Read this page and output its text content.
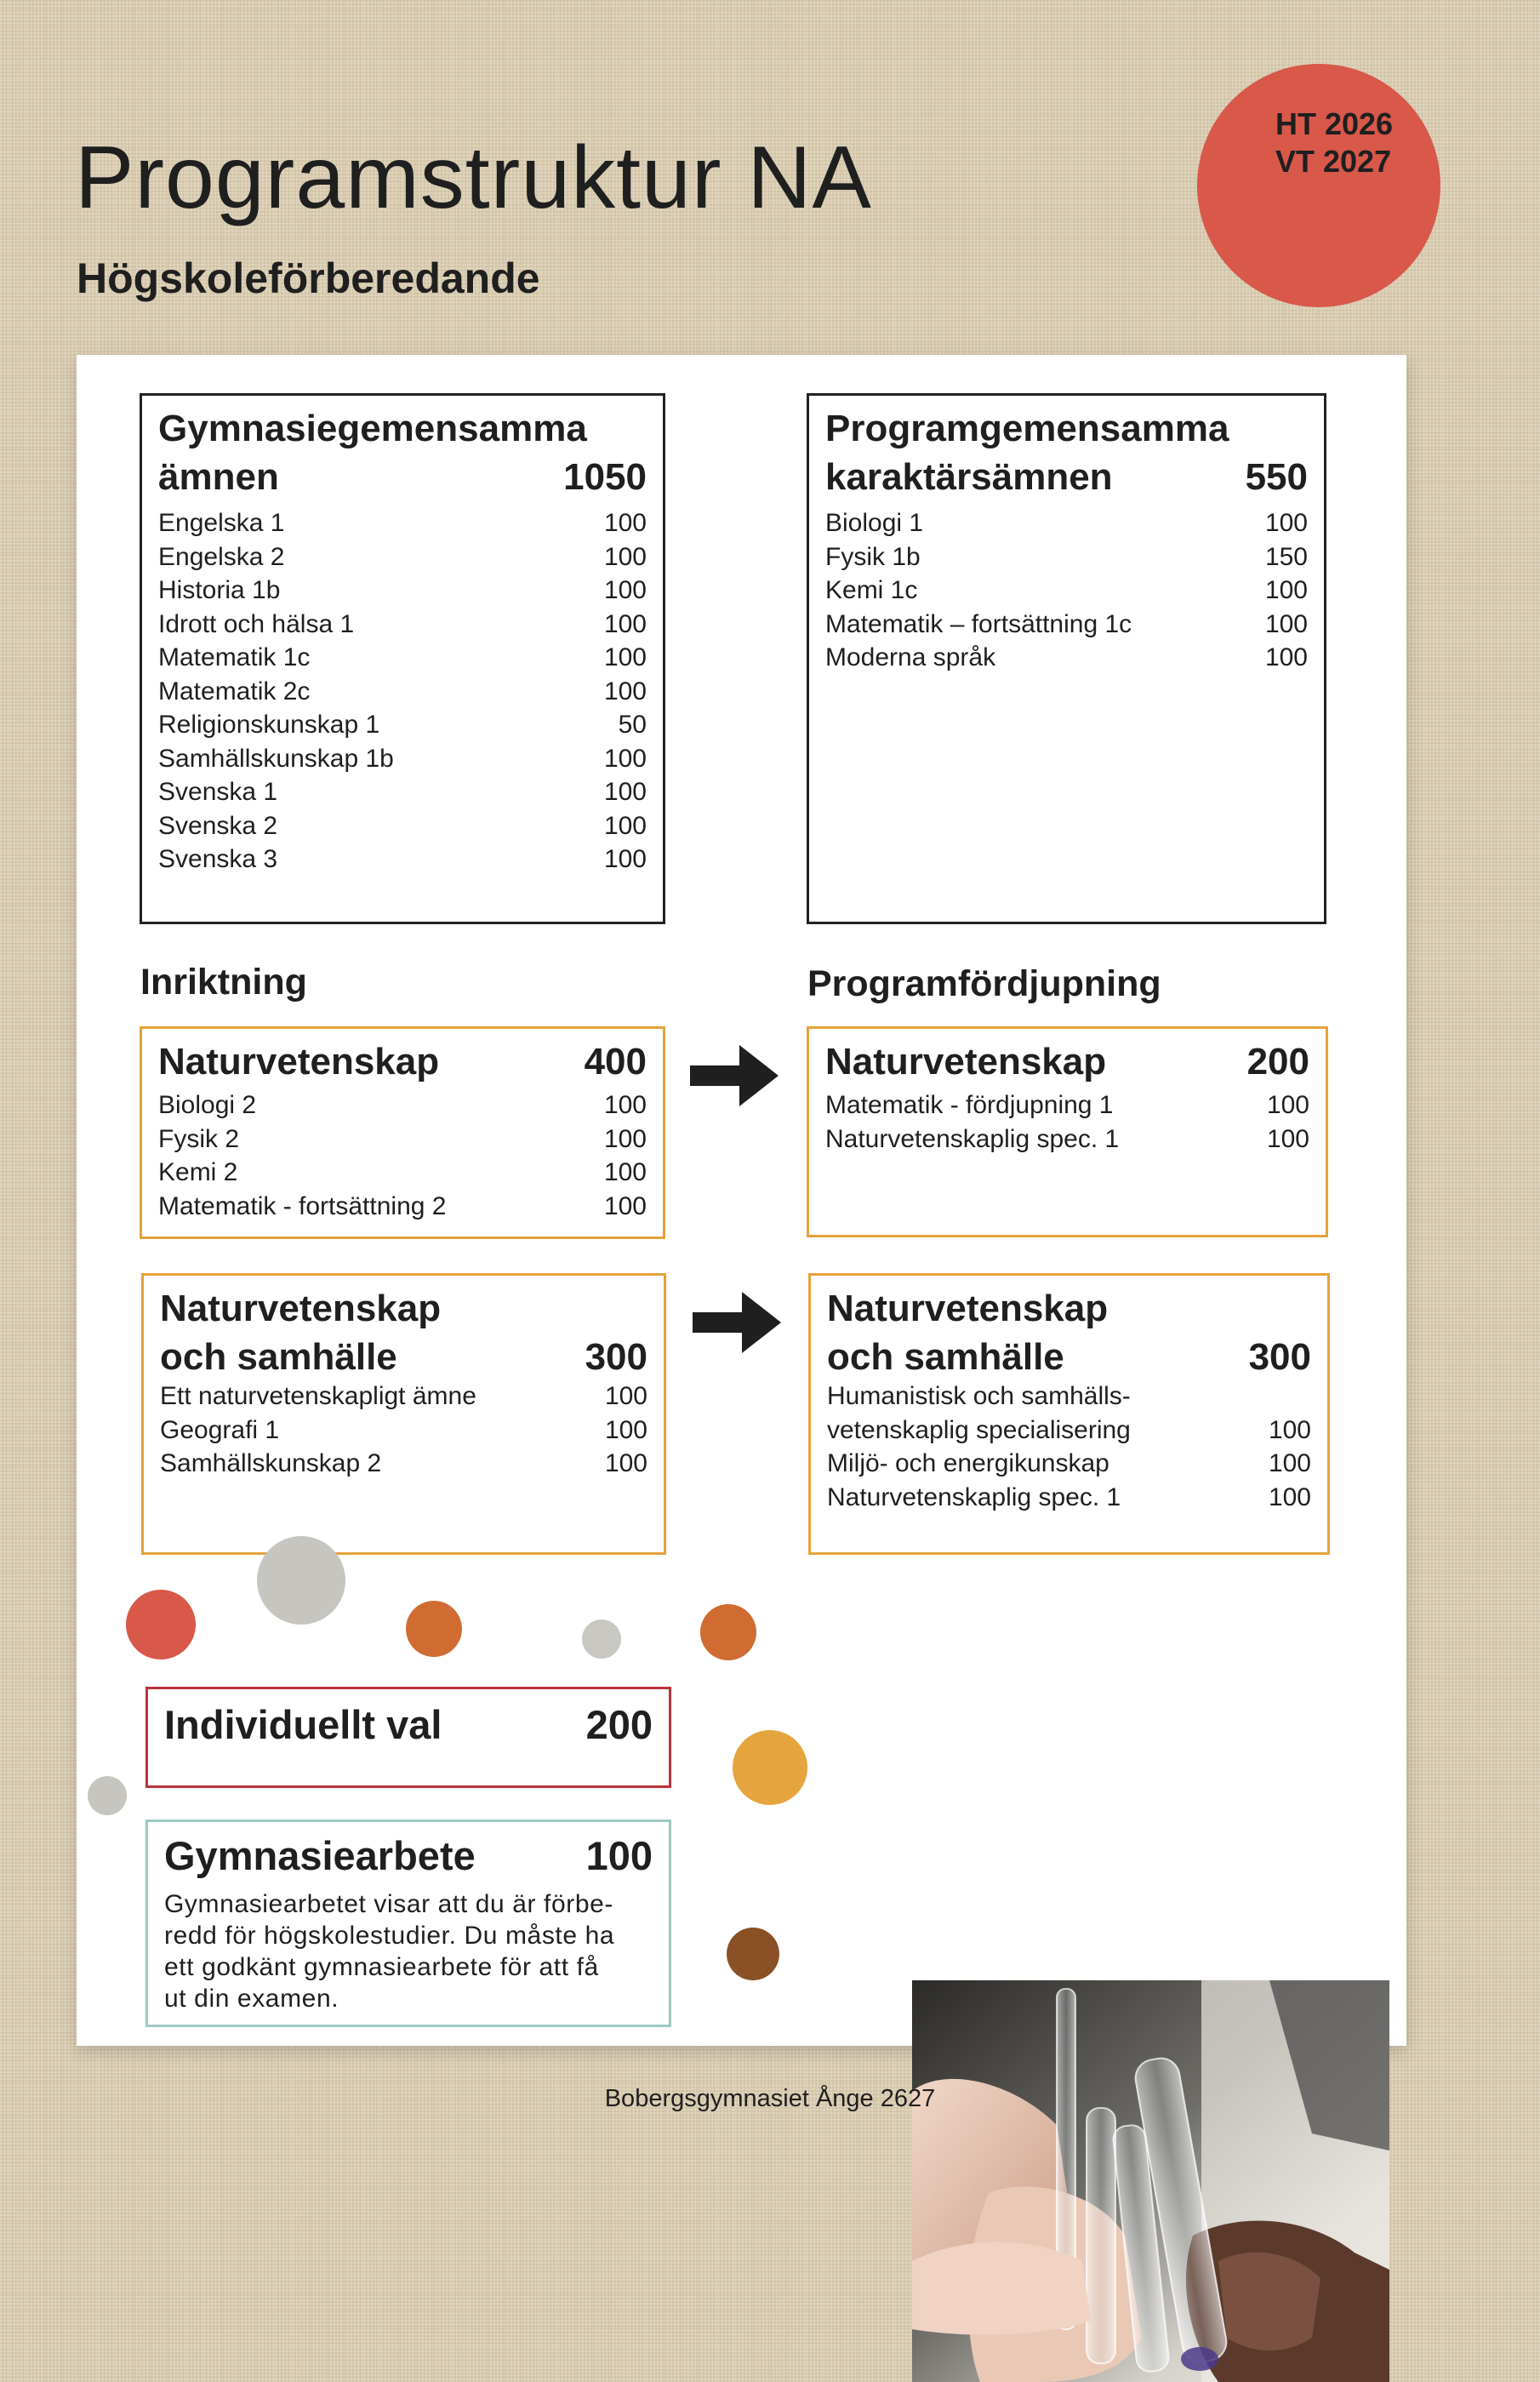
Programstruktur NA
Högskoleförberedande
HT 2026
VT 2027
Gymnasiegemensamma
ämnen	1050
Engelska 1	100
Engelska 2	100
Historia 1b	100
Idrott och hälsa 1	100
Matematik 1c	100
Matematik 2c	100
Religionskunskap 1	50
Samhällskunskap 1b	100
Svenska 1	100
Svenska 2	100
Svenska 3	100
Programgemensamma
karaktärsämnen	550
Biologi 1	100
Fysik 1b	150
Kemi 1c	100
Matematik – fortsättning 1c	100
Moderna språk	100
Inriktning	Programfördjupning
Naturvetenskap	400
Biologi 2	100
Fysik 2	100
Kemi 2	100
Matematik - fortsättning 2	100
Naturvetenskap	200
Matematik - fördjupning 1	100
Naturvetenskaplig spec. 1	100
Naturvetenskap
och samhälle	300
Ett naturvetenskapligt ämne	100
Geografi 1	100
Samhällskunskap 2	100
Naturvetenskap
och samhälle	300
Humanistisk och samhälls-
vetenskaplig specialisering	100
Miljö- och energikunskap	100
Naturvetenskaplig spec. 1	100
Individuellt val	200
Gymnasiearbete	100
Gymnasiearbetet visar att du är förbe-
redd för högskolestudier. Du måste ha
ett godkänt gymnasiearbete för att få
ut din examen.
Bobergsgymnasiet Ånge 2627
